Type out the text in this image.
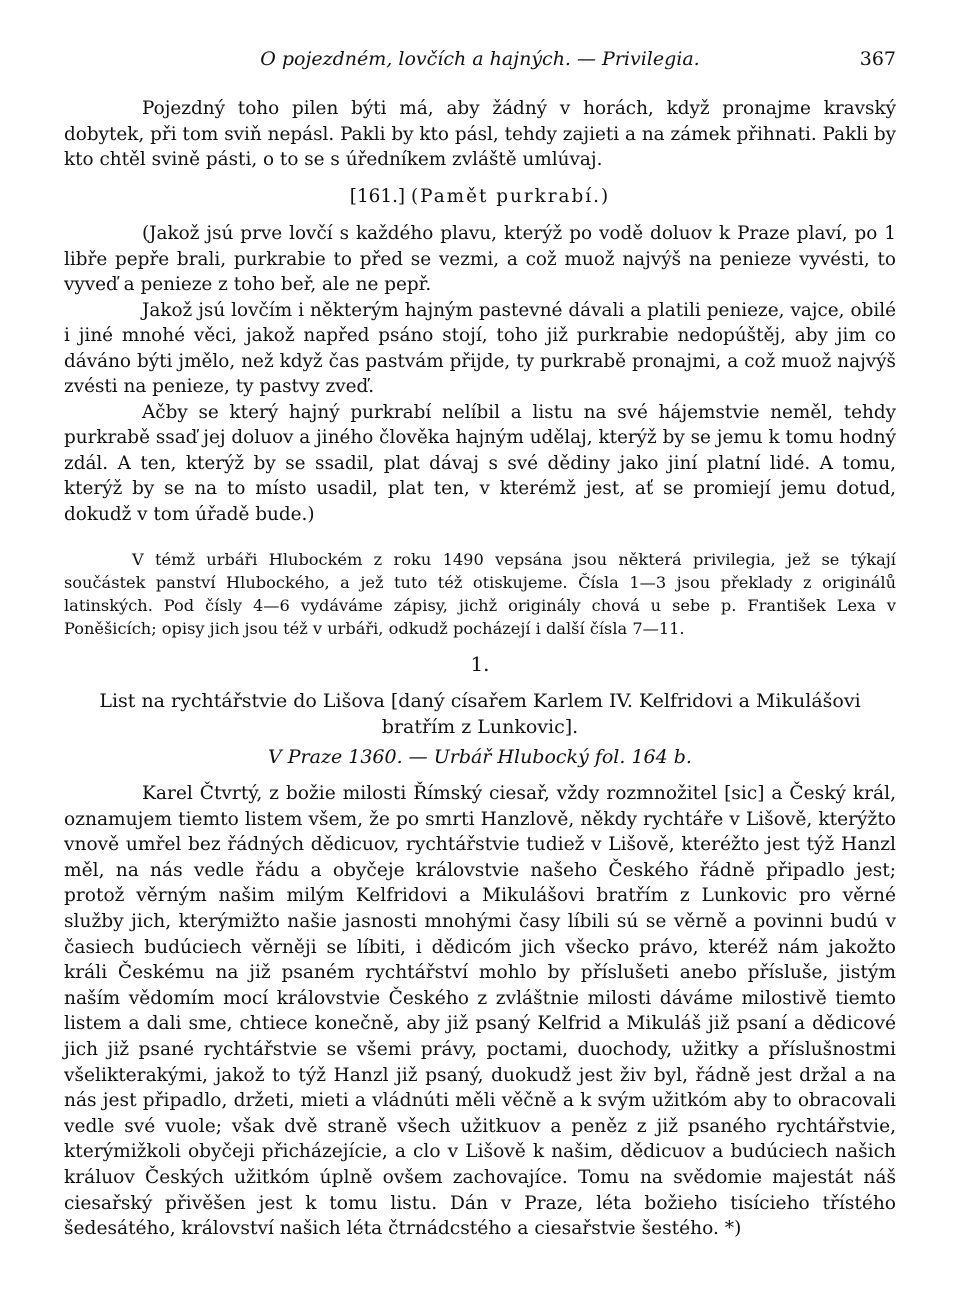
O pojezdném, lovčích a hajných. — Privilegia.	367

Pojezdný toho pilen býti má, aby žádný v horách, když pronajme kravský dobytek, při tom sviň nepásl. Pakli by kto pásl, tehdy zajieti a na zámek přihnati. Pakli by kto chtěl svině pásti, o to se s úředníkem zvláště umlúvaj.

[161.] (Pamět purkrabí.)

(Jakož jsú prve lovčí s každého plavu, kterýž po vodě doluov k Praze plaví, po 1 libře pepře brali, purkrabie to před se vezmi, a což muož najvýš na penieze vyvésti, to vyveď a penieze z toho beř, ale ne pepř.

Jakož jsú lovčím i některým hajným pastevné dávali a platili penieze, vajce, obilé i jiné mnohé věci, jakož napřed psáno stojí, toho již purkrabie nedopúštěj, aby jim co dáváno býti jmělo, než když čas pastvám přijde, ty purkrabě pronajmi, a což muož najvýš zvésti na penieze, ty pastvy zveď.

Ačby se který hajný purkrabí nelíbil a listu na své hájemstvie neměl, tehdy purkrabě ssaď jej doluov a jiného člověka hajným udělaj, kterýž by se jemu k tomu hodný zdál. A ten, kterýž by se ssadil, plat dávaj s své dědiny jako jiní platní lidé. A tomu, kterýž by se na to místo usadil, plat ten, v kterémž jest, ať se promiejí jemu dotud, dokudž v tom úřadě bude.)

V témž urbáři Hlubockém z roku 1490 vepsána jsou některá privilegia, jež se týkají součástek panství Hlubockého, a jež tuto též otiskujeme. Čísla 1—3 jsou překlady z originálů latinských. Pod čísly 4—6 vydáváme zápisy, jichž originály chová u sebe p. František Lexa v Poněšicích; opisy jich jsou též v urbáři, odkudž pocházejí i další čísla 7—11.

1.
List na rychtářstvie do Lišova [daný císařem Karlem IV. Kelfridovi a Mikulášovi bratřím z Lunkovic].
V Praze 1360. — Urbář Hlubocký fol. 164 b.

Karel Čtvrtý, z božie milosti Římský ciesař, vždy rozmnožitel [sic] a Český král, oznamujem tiemto listem všem, že po smrti Hanzlově, někdy rychtáře v Lišově, kterýžto vnově umřel bez řádných dědicuov, rychtářstvie tudiež v Lišově, kteréžto jest týž Hanzl měl, na nás vedle řádu a obyčeje královstvie našeho Českého řádně připadlo jest; protož věrným našim milým Kelfridovi a Mikulášovi bratřím z Lunkovic pro věrné služby jich, kterýmižto našie jasnosti mnohými časy líbili sú se věrně a povinni budú v časiech budúciech věrněji se líbiti, i dědicóm jich všecko právo, kteréž nám jakožto králi Českému na již psaném rychtářství mohlo by příslušeti anebo přísluše, jistým naším vědomím mocí královstvie Českého z zvláštnie milosti dáváme milostivě tiemto listem a dali sme, chtiece konečně, aby již psaný Kelfrid a Mikuláš již psaní a dědicové jich již psané rychtářstvie se všemi právy, poctami, duochody, užitky a příslušnostmi všelikterakými, jakož to týž Hanzl již psaný, duokudž jest živ byl, řádně jest držal a na nás jest připadlo, držeti, mieti a vládnúti měli věčně a k svým užitkóm aby to obracovali vedle své vuole; však dvě straně všech užitkuov a peněz z již psaného rychtářstvie, kterýmižkoli obyčeji přicházejície, a clo v Lišově k našim, dědicuov a budúciech našich králuov Českých užitkóm úplně ovšem zachovajíce. Tomu na svědomie majestát náš ciesařský přivěšen jest k tomu listu. Dán v Praze, léta božieho tisícieho třístého šedesátého, království našich léta čtrnádcstého a ciesařstvie šestého. *)
